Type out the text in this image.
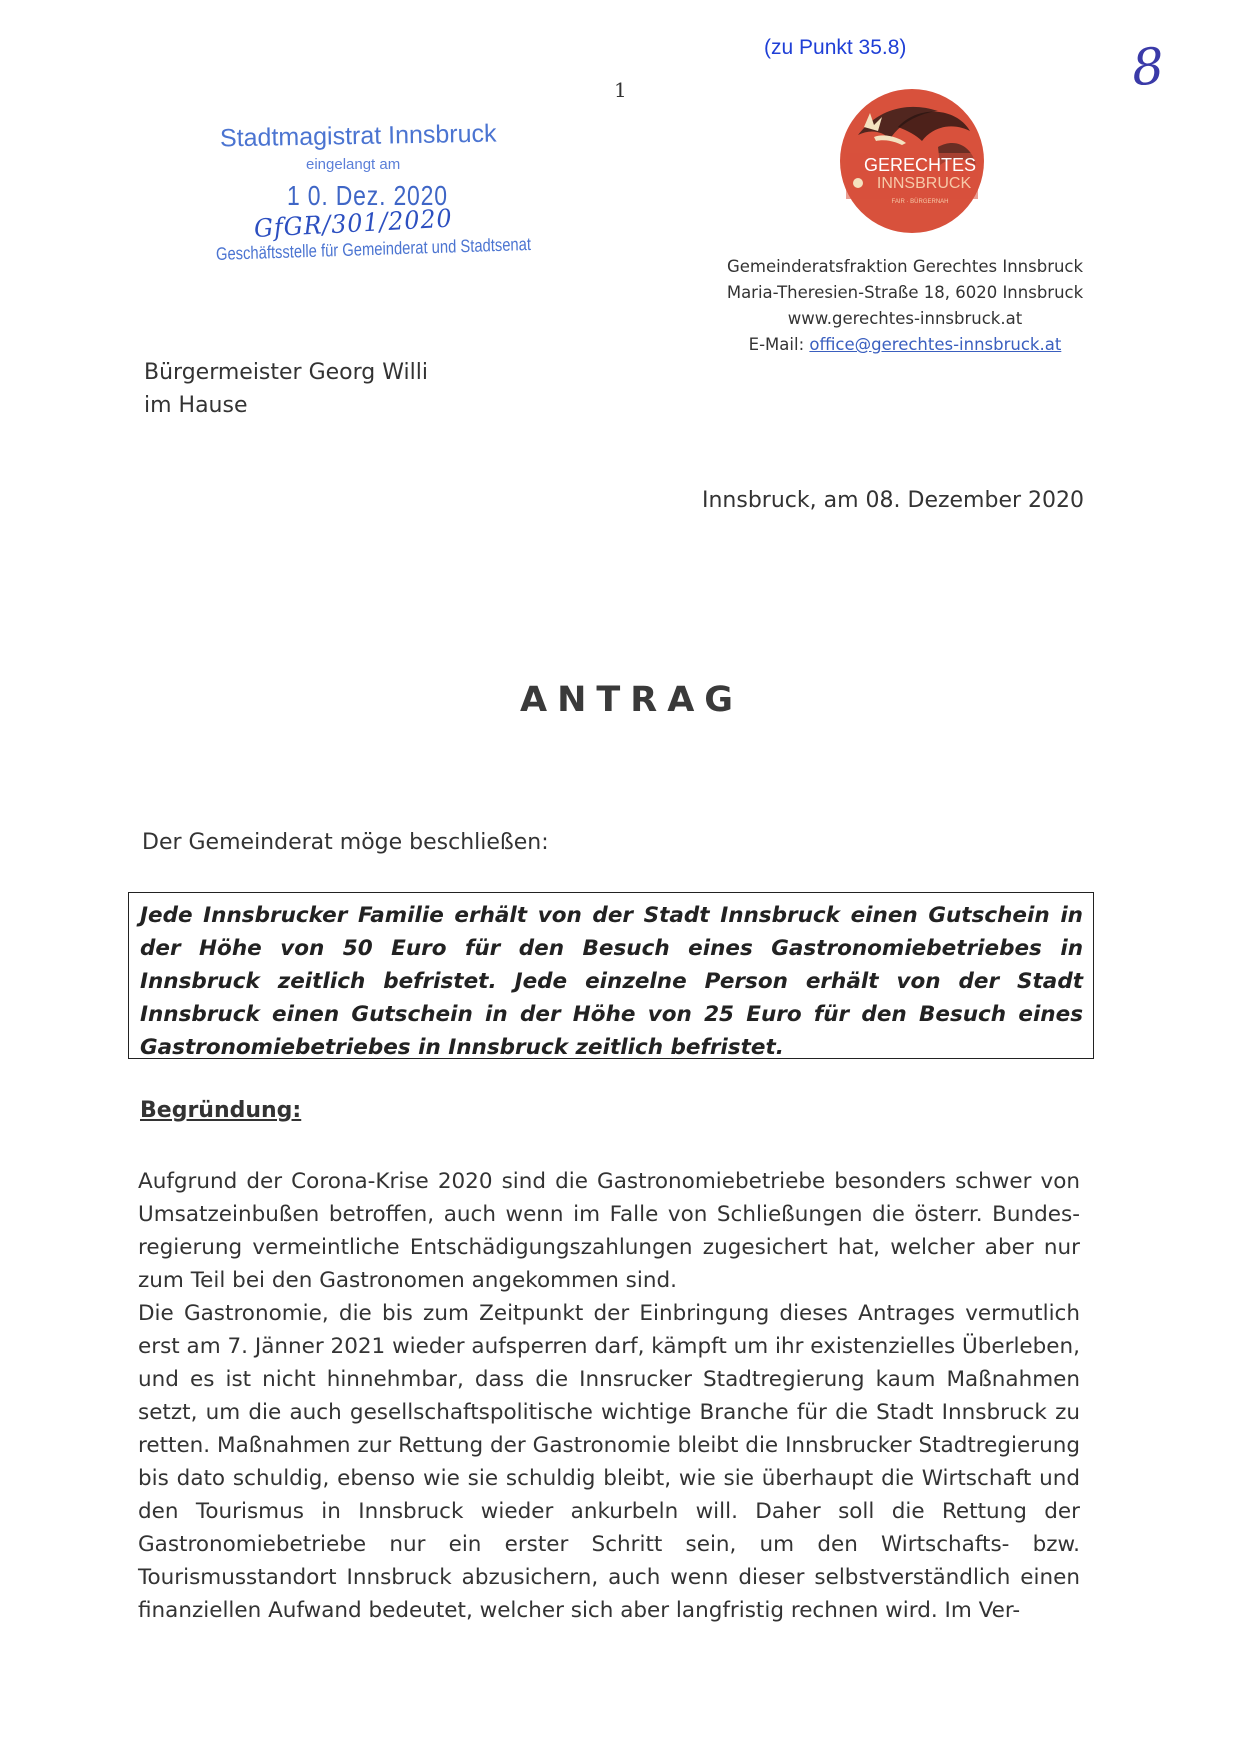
(zu Punkt 35.8)	8
1
Stadtmagistrat Innsbruck
eingelangt am
1 0. Dez. 2020
GfGR/301/2020
Geschäftsstelle für Gemeinderat und Stadtsenat
GERECHTES
INNSBRUCK
FAIR · BÜRGERNAH
Gemeinderatsfraktion Gerechtes Innsbruck
Maria-Theresien-Straße 18, 6020 Innsbruck
www.gerechtes-innsbruck.at
E-Mail: office@gerechtes-innsbruck.at
Bürgermeister Georg Willi
im Hause
Innsbruck, am 08. Dezember 2020
ANTRAG
Der Gemeinderat möge beschließen:
Jede Innsbrucker Familie erhält von der Stadt Innsbruck einen Gutschein in der Höhe von 50 Euro für den Besuch eines Gastronomiebetriebes in Innsbruck zeitlich befristet. Jede einzelne Person erhält von der Stadt Innsbruck einen Gutschein in der Höhe von 25 Euro für den Besuch eines Gastronomiebetriebes in Innsbruck zeitlich befristet.
Begründung:

Aufgrund der Corona-Krise 2020 sind die Gastronomiebetriebe besonders schwer von Umsatzeinbußen betroffen, auch wenn im Falle von Schließungen die österr. Bundesregierung vermeintliche Entschädigungszahlungen zugesichert hat, welcher aber nur zum Teil bei den Gastronomen angekommen sind.

Die Gastronomie, die bis zum Zeitpunkt der Einbringung dieses Antrages vermutlich erst am 7. Jänner 2021 wieder aufsperren darf, kämpft um ihr existenzielles Überleben, und es ist nicht hinnehmbar, dass die Innsrucker Stadtregierung kaum Maßnahmen setzt, um die auch gesellschaftspolitische wichtige Branche für die Stadt Innsbruck zu retten. Maßnahmen zur Rettung der Gastronomie bleibt die Innsbrucker Stadtregierung bis dato schuldig, ebenso wie sie schuldig bleibt, wie sie überhaupt die Wirtschaft und den Tourismus in Innsbruck wieder ankurbeln will. Daher soll die Rettung der Gastronomiebetriebe nur ein erster Schritt sein, um den Wirtschafts- bzw. Tourismusstandort Innsbruck abzusichern, auch wenn dieser selbstverständlich einen finanziellen Aufwand bedeutet, welcher sich aber langfristig rechnen wird. Im Ver-
